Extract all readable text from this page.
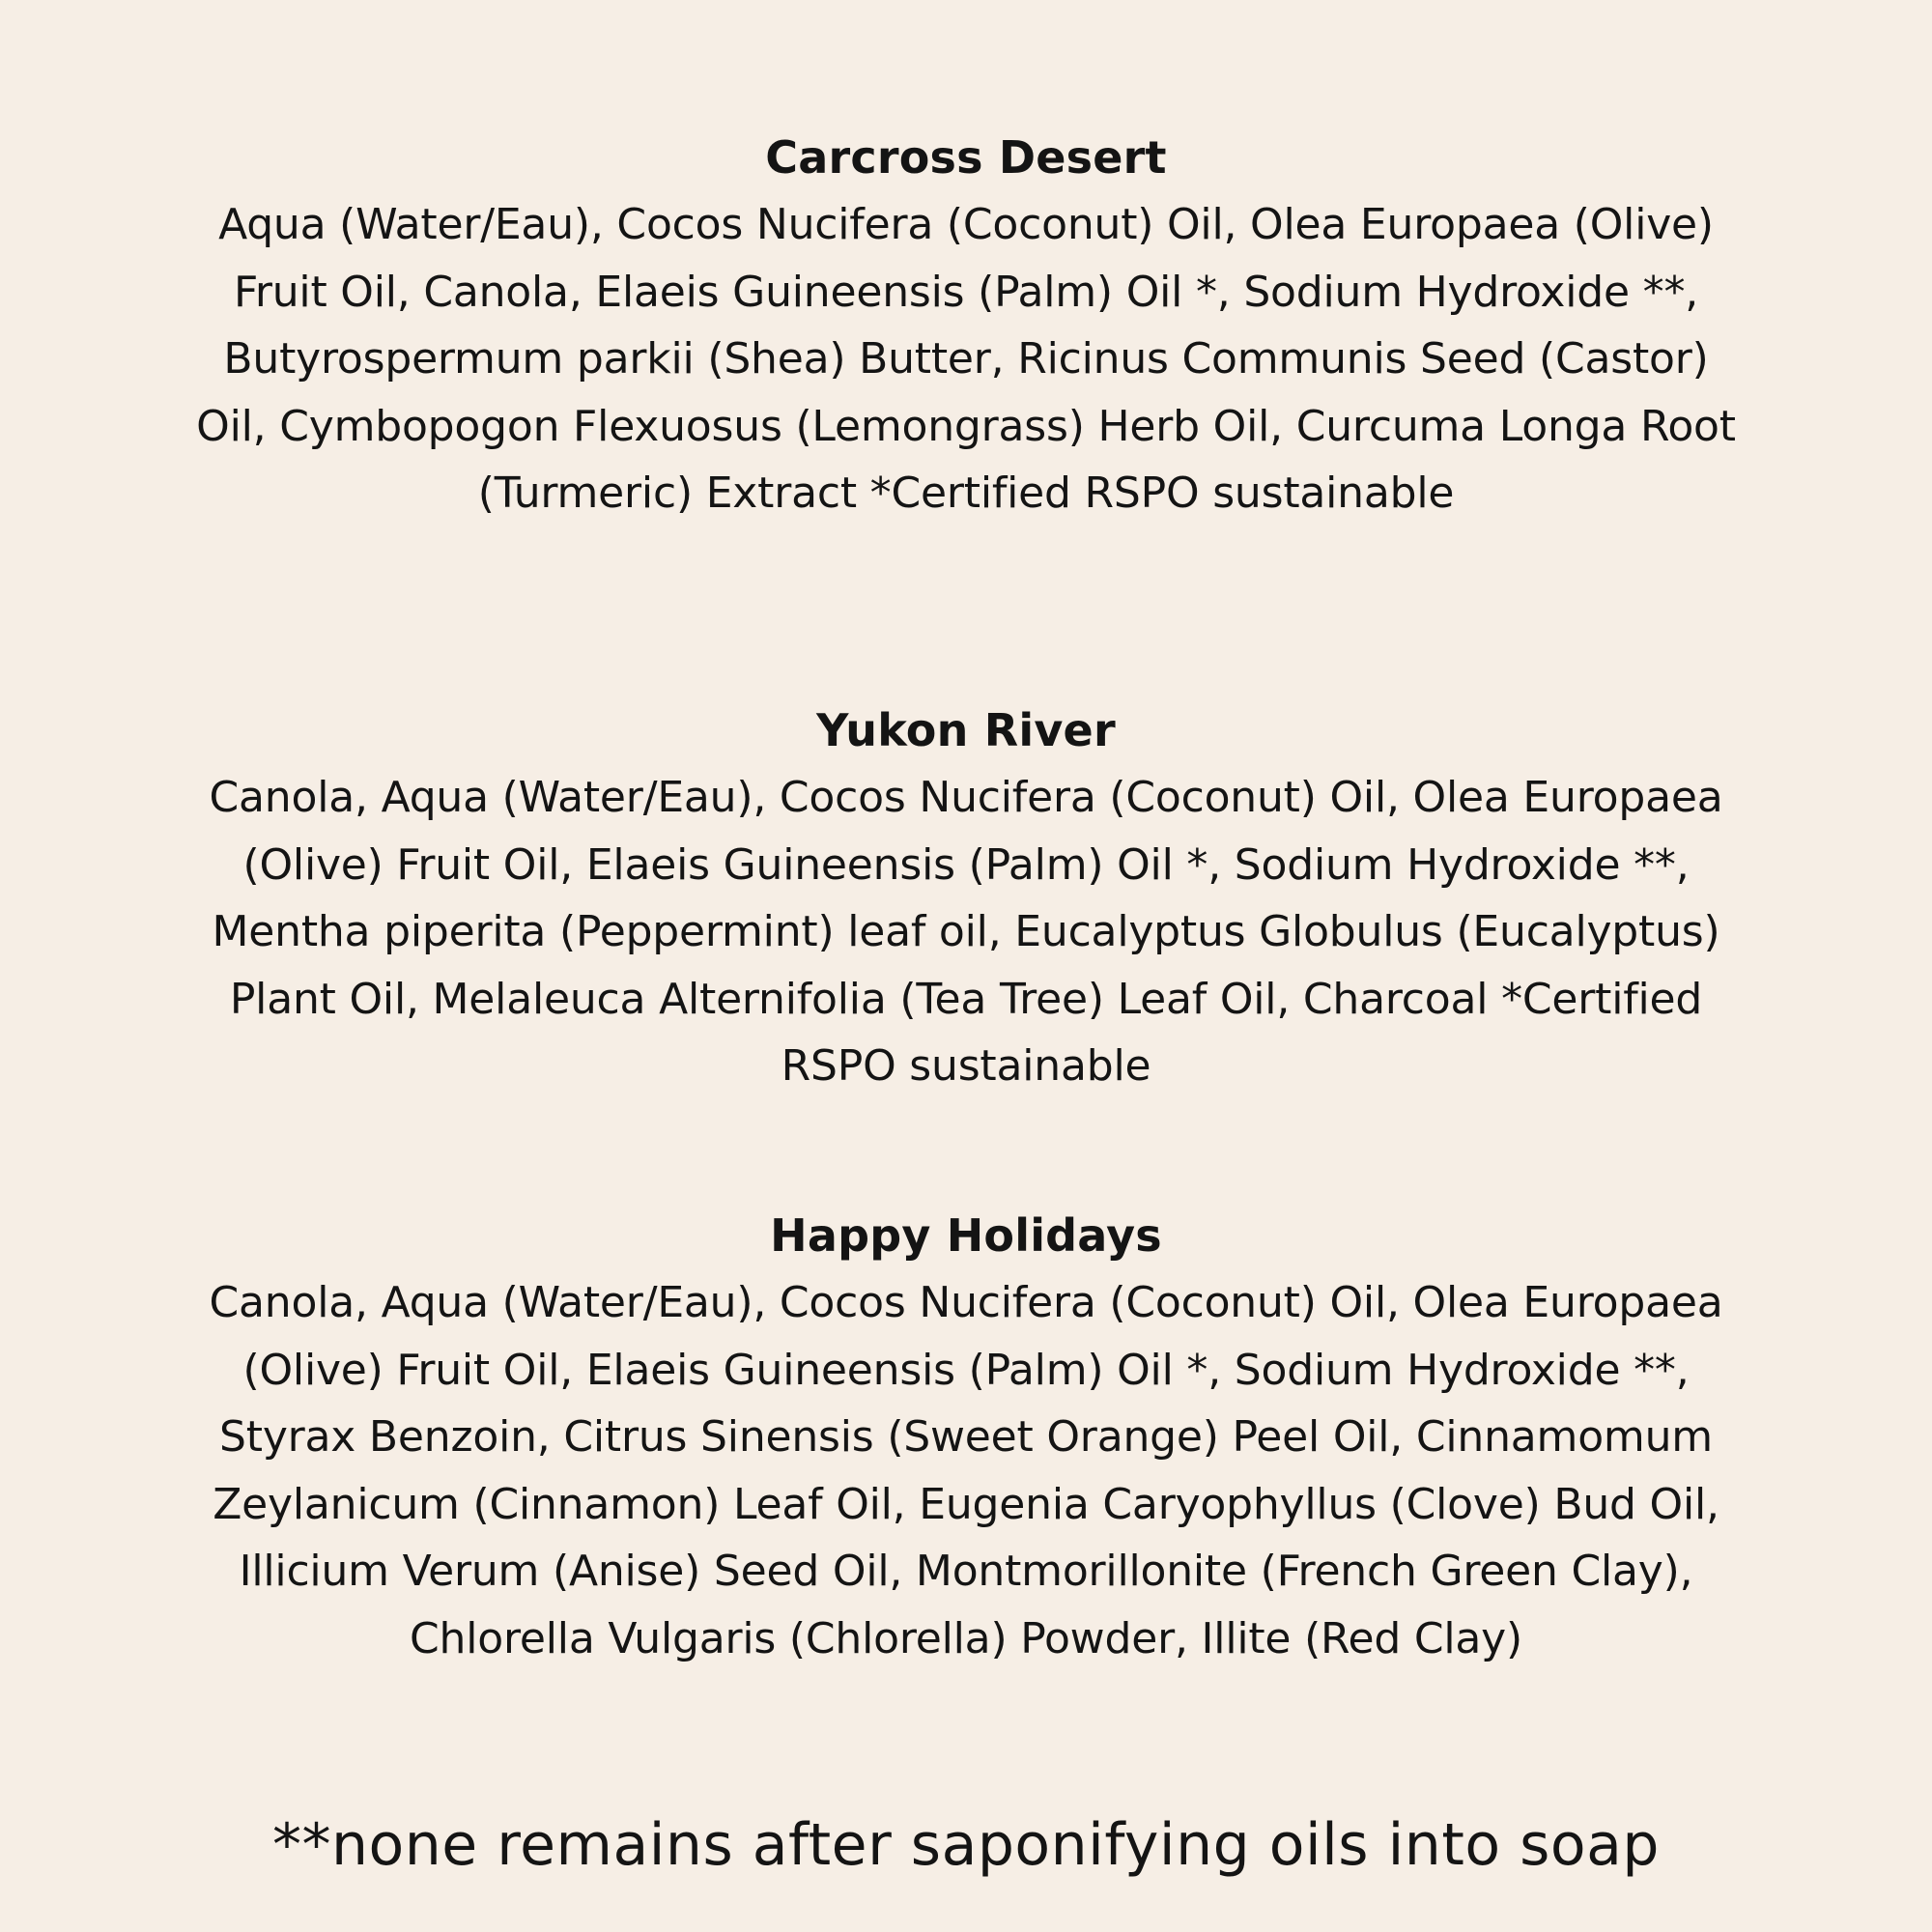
Carcross Desert

Aqua (Water/Eau), Cocos Nucifera (Coconut) Oil, Olea Europaea (Olive) Fruit Oil, Canola, Elaeis Guineensis (Palm) Oil *, Sodium Hydroxide **, Butyrospermum parkii (Shea) Butter, Ricinus Communis Seed (Castor) Oil, Cymbopogon Flexuosus (Lemongrass) Herb Oil, Curcuma Longa Root (Turmeric) Extract *Certified RSPO sustainable

Yukon River

Canola, Aqua (Water/Eau), Cocos Nucifera (Coconut) Oil, Olea Europaea (Olive) Fruit Oil, Elaeis Guineensis (Palm) Oil *, Sodium Hydroxide **, Mentha piperita (Peppermint) leaf oil, Eucalyptus Globulus (Eucalyptus) Plant Oil, Melaleuca Alternifolia (Tea Tree) Leaf Oil, Charcoal *Certified RSPO sustainable

Happy Holidays

Canola, Aqua (Water/Eau), Cocos Nucifera (Coconut) Oil, Olea Europaea (Olive) Fruit Oil, Elaeis Guineensis (Palm) Oil *, Sodium Hydroxide **, Styrax Benzoin, Citrus Sinensis (Sweet Orange) Peel Oil, Cinnamomum Zeylanicum (Cinnamon) Leaf Oil, Eugenia Caryophyllus (Clove) Bud Oil, Illicium Verum (Anise) Seed Oil, Montmorillonite (French Green Clay), Chlorella Vulgaris (Chlorella) Powder, Illite (Red Clay)

**none remains after saponifying oils into soap
